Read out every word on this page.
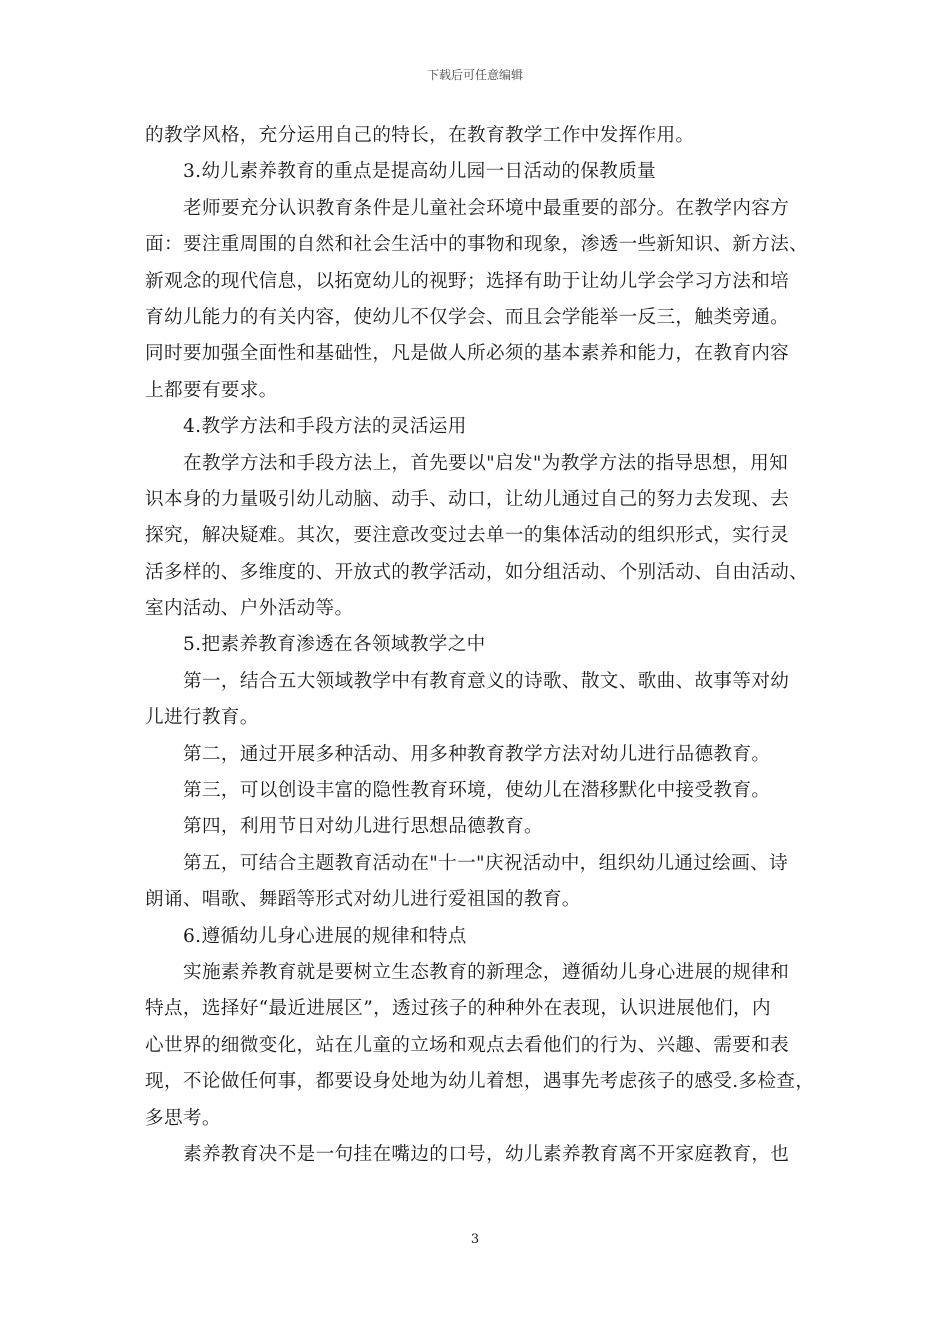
下载后可任意编辑
的教学风格，充分运用自己的特长，在教育教学工作中发挥作用。
3.幼儿素养教育的重点是提高幼儿园一日活动的保教质量
老师要充分认识教育条件是儿童社会环境中最重要的部分。在教学内容方
面：要注重周围的自然和社会生活中的事物和现象，渗透一些新知识、新方法、
新观念的现代信息，以拓宽幼儿的视野；选择有助于让幼儿学会学习方法和培
育幼儿能力的有关内容，使幼儿不仅学会、而且会学能举一反三，触类旁通。
同时要加强全面性和基础性，凡是做人所必须的基本素养和能力，在教育内容
上都要有要求。
4.教学方法和手段方法的灵活运用
在教学方法和手段方法上，首先要以"启发"为教学方法的指导思想，用知
识本身的力量吸引幼儿动脑、动手、动口，让幼儿通过自己的努力去发现、去
探究，解决疑难。其次，要注意改变过去单一的集体活动的组织形式，实行灵
活多样的、多维度的、开放式的教学活动，如分组活动、个别活动、自由活动、
室内活动、户外活动等。
5.把素养教育渗透在各领域教学之中
第一，结合五大领域教学中有教育意义的诗歌、散文、歌曲、故事等对幼
儿进行教育。
第二，通过开展多种活动、用多种教育教学方法对幼儿进行品德教育。
第三，可以创设丰富的隐性教育环境，使幼儿在潜移默化中接受教育。
第四，利用节日对幼儿进行思想品德教育。
第五，可结合主题教育活动在"十一"庆祝活动中，组织幼儿通过绘画、诗
朗诵、唱歌、舞蹈等形式对幼儿进行爱祖国的教育。
6.遵循幼儿身心进展的规律和特点
实施素养教育就是要树立生态教育的新理念，遵循幼儿身心进展的规律和
特点，选择好“最近进展区”，透过孩子的种种外在表现，认识进展他们，内
心世界的细微变化，站在儿童的立场和观点去看他们的行为、兴趣、需要和表
现，不论做任何事，都要设身处地为幼儿着想，遇事先考虑孩子的感受.多检查，
多思考。
素养教育决不是一句挂在嘴边的口号，幼儿素养教育离不开家庭教育，也
3
